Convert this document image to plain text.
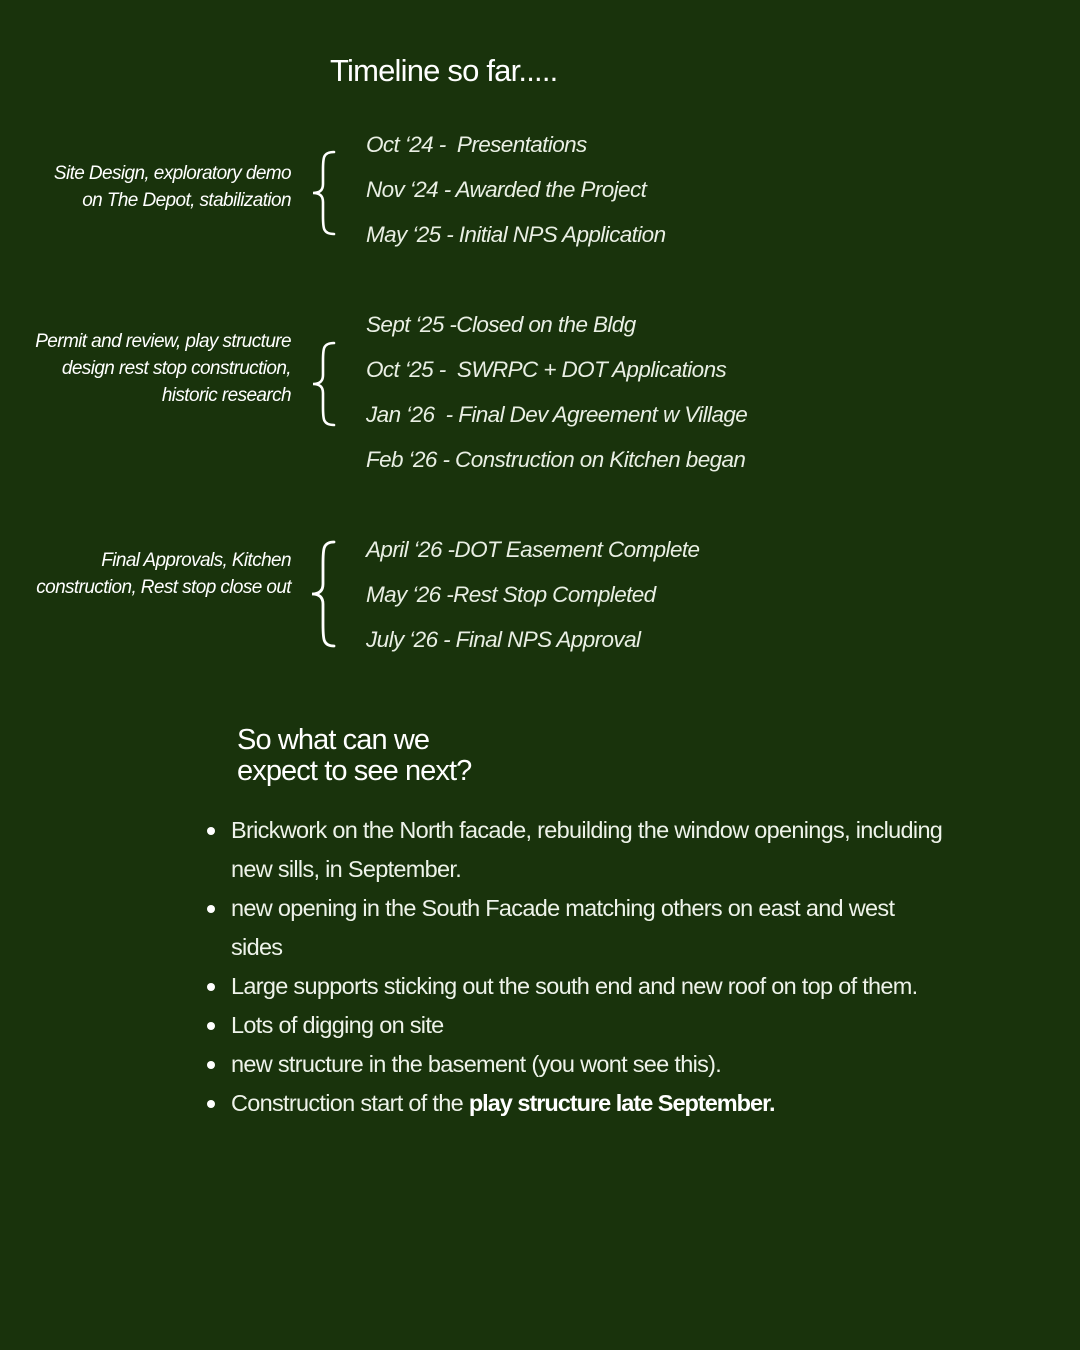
Timeline so far.....
Site Design, exploratory demo on The Depot, stabilization
Oct ‘24 -  Presentations
Nov ‘24 - Awarded the Project
May ‘25 - Initial NPS Application
Permit and review, play structure design rest stop construction, historic research
Sept ‘25 -Closed on the Bldg
Oct ‘25 -  SWRPC + DOT Applications
Jan ‘26  - Final Dev Agreement w Village
Feb ‘26 - Construction on Kitchen began
Final Approvals, Kitchen construction, Rest stop close out
April ‘26 -DOT Easement Complete
May ‘26 -Rest Stop Completed
July ‘26 - Final NPS Approval
So what can we
expect to see next?
Brickwork on the North facade, rebuilding the window openings, including new sills, in September.
new opening in the South Facade matching others on east and west sides
Large supports sticking out the south end and new roof on top of them.
Lots of digging on site
new structure in the basement (you wont see this).
Construction start of the play structure late September.
